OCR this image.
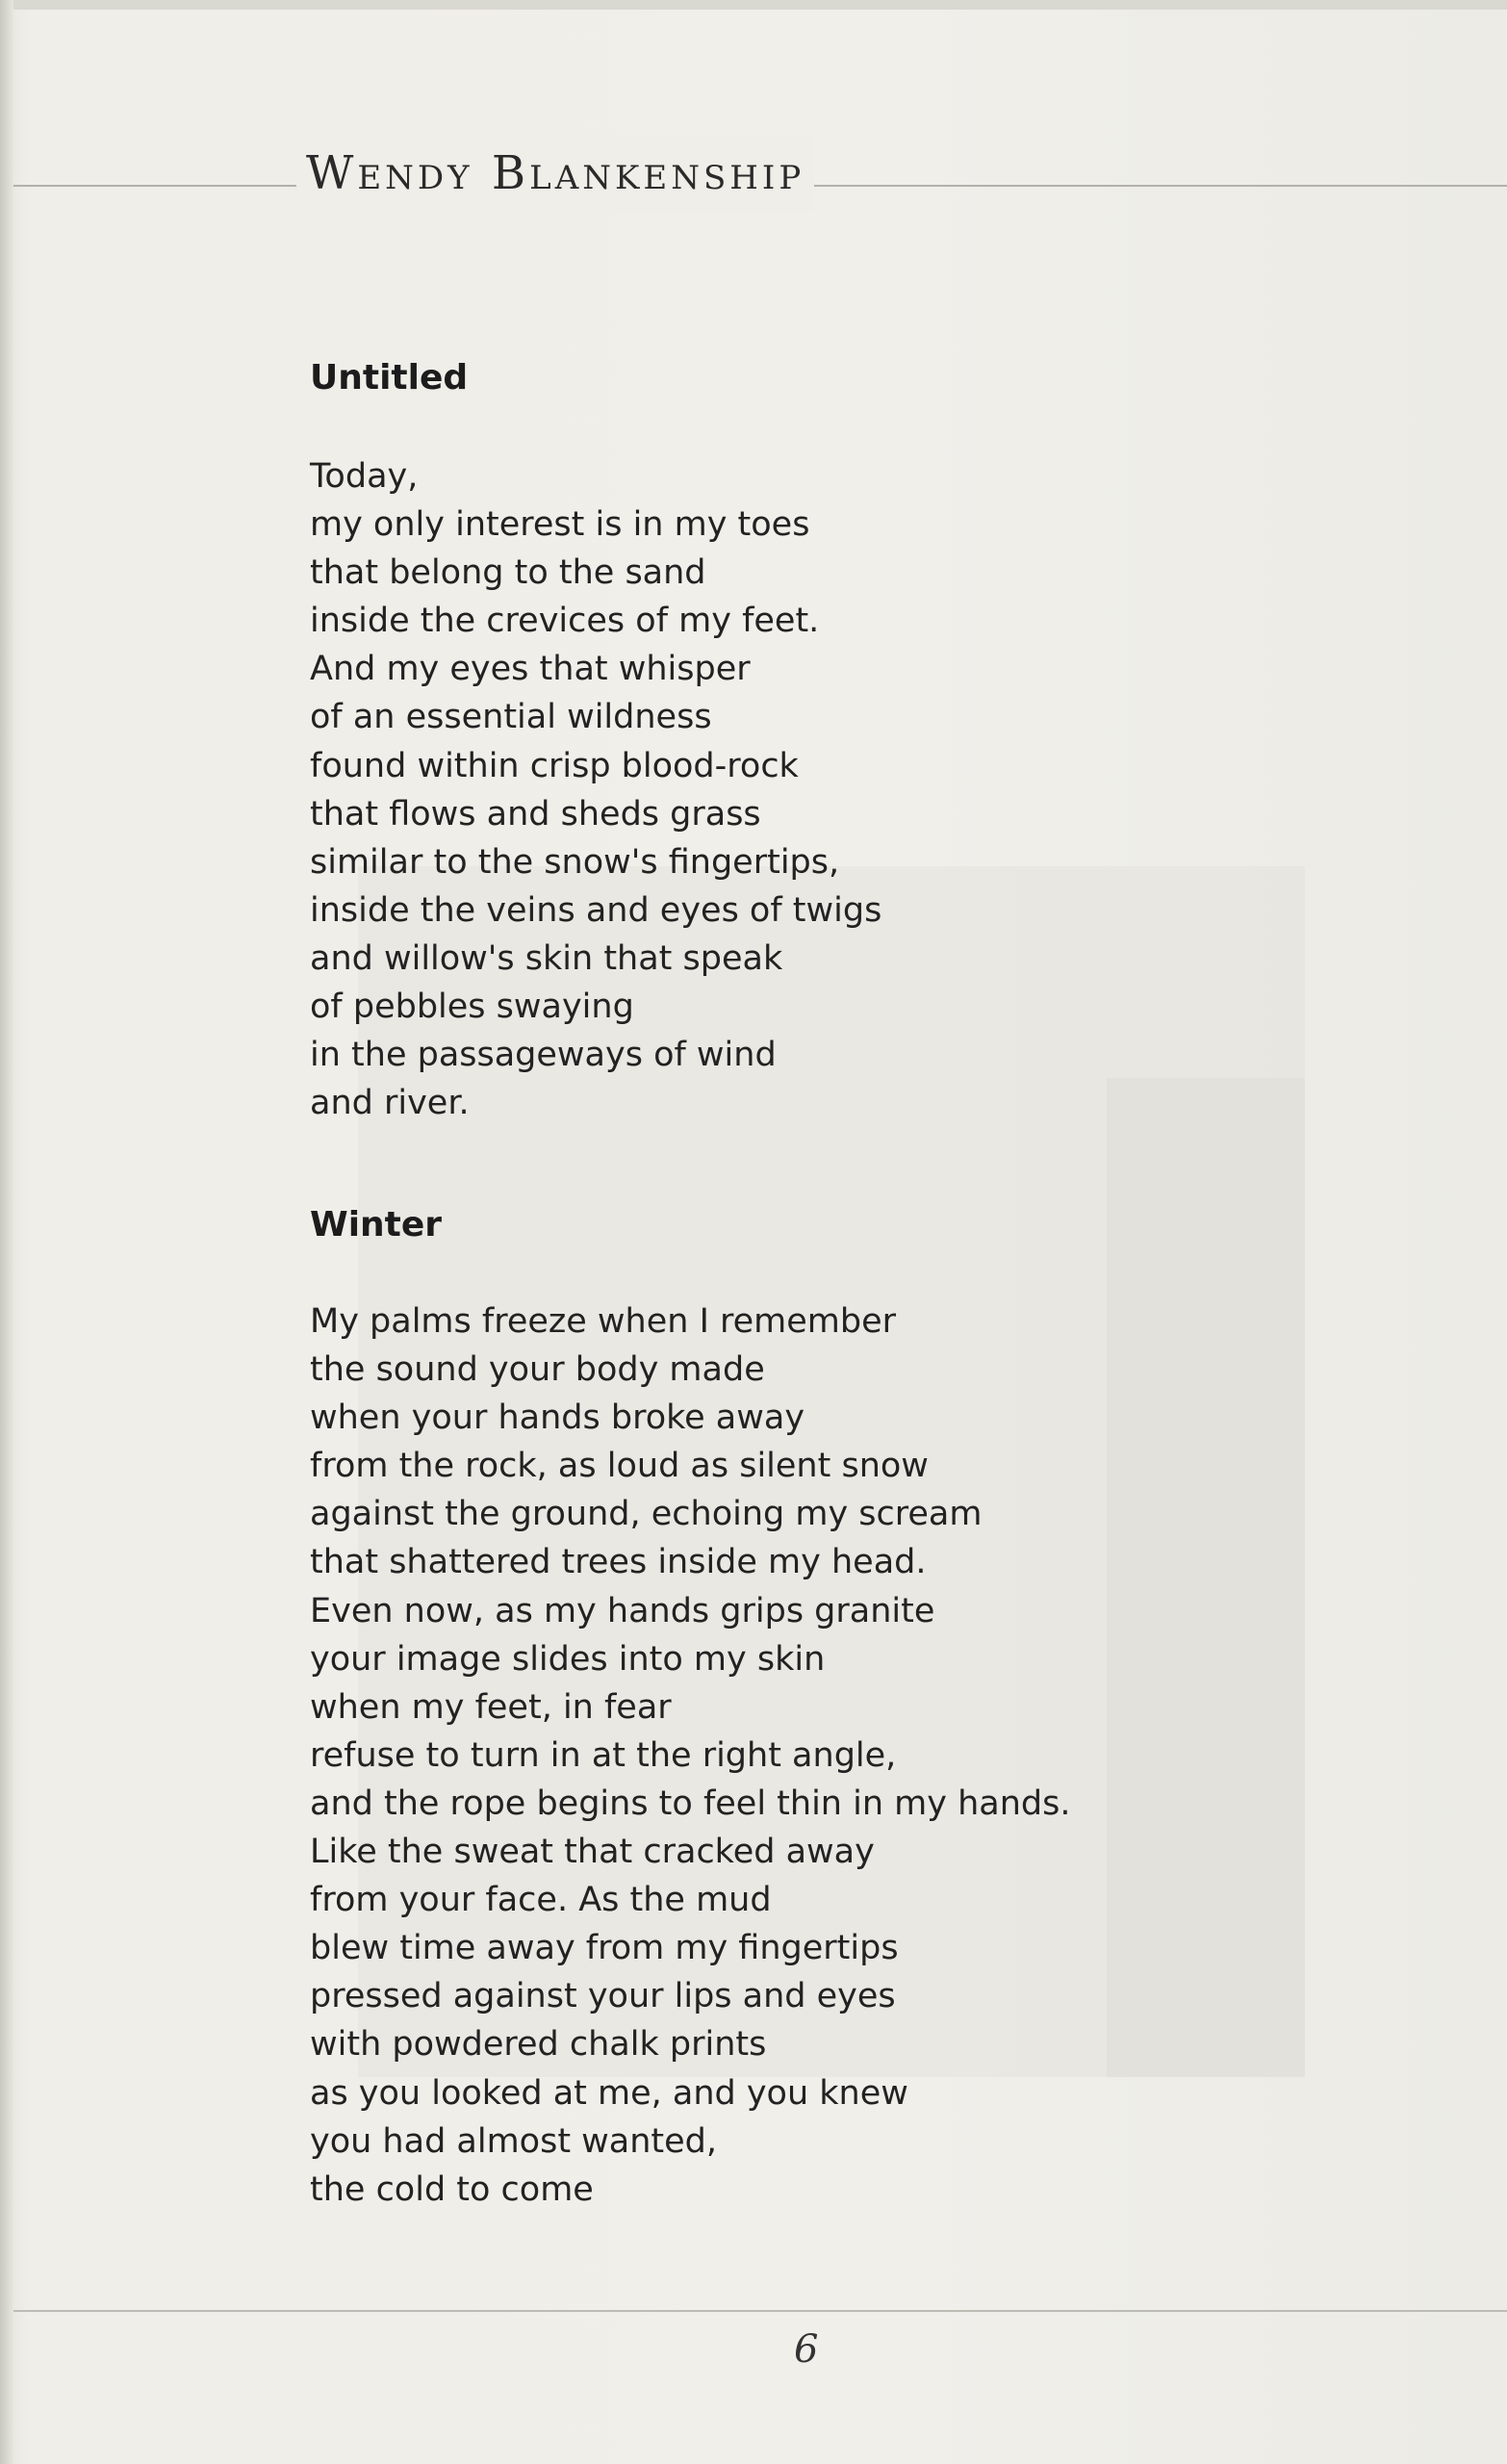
Wendy Blankenship
Untitled
Today,
my only interest is in my toes
that belong to the sand
inside the crevices of my feet.
And my eyes that whisper
of an essential wildness
found within crisp blood-rock
that flows and sheds grass
similar to the snow's fingertips,
inside the veins and eyes of twigs
and willow's skin that speak
of pebbles swaying
in the passageways of wind
and river.
Winter
My palms freeze when I remember
the sound your body made
when your hands broke away
from the rock, as loud as silent snow
against the ground, echoing my scream
that shattered trees inside my head.
Even now, as my hands grips granite
your image slides into my skin
when my feet, in fear
refuse to turn in at the right angle,
and the rope begins to feel thin in my hands.
Like the sweat that cracked away
from your face. As the mud
blew time away from my fingertips
pressed against your lips and eyes
with powdered chalk prints
as you looked at me, and you knew
you had almost wanted,
the cold to come
6
